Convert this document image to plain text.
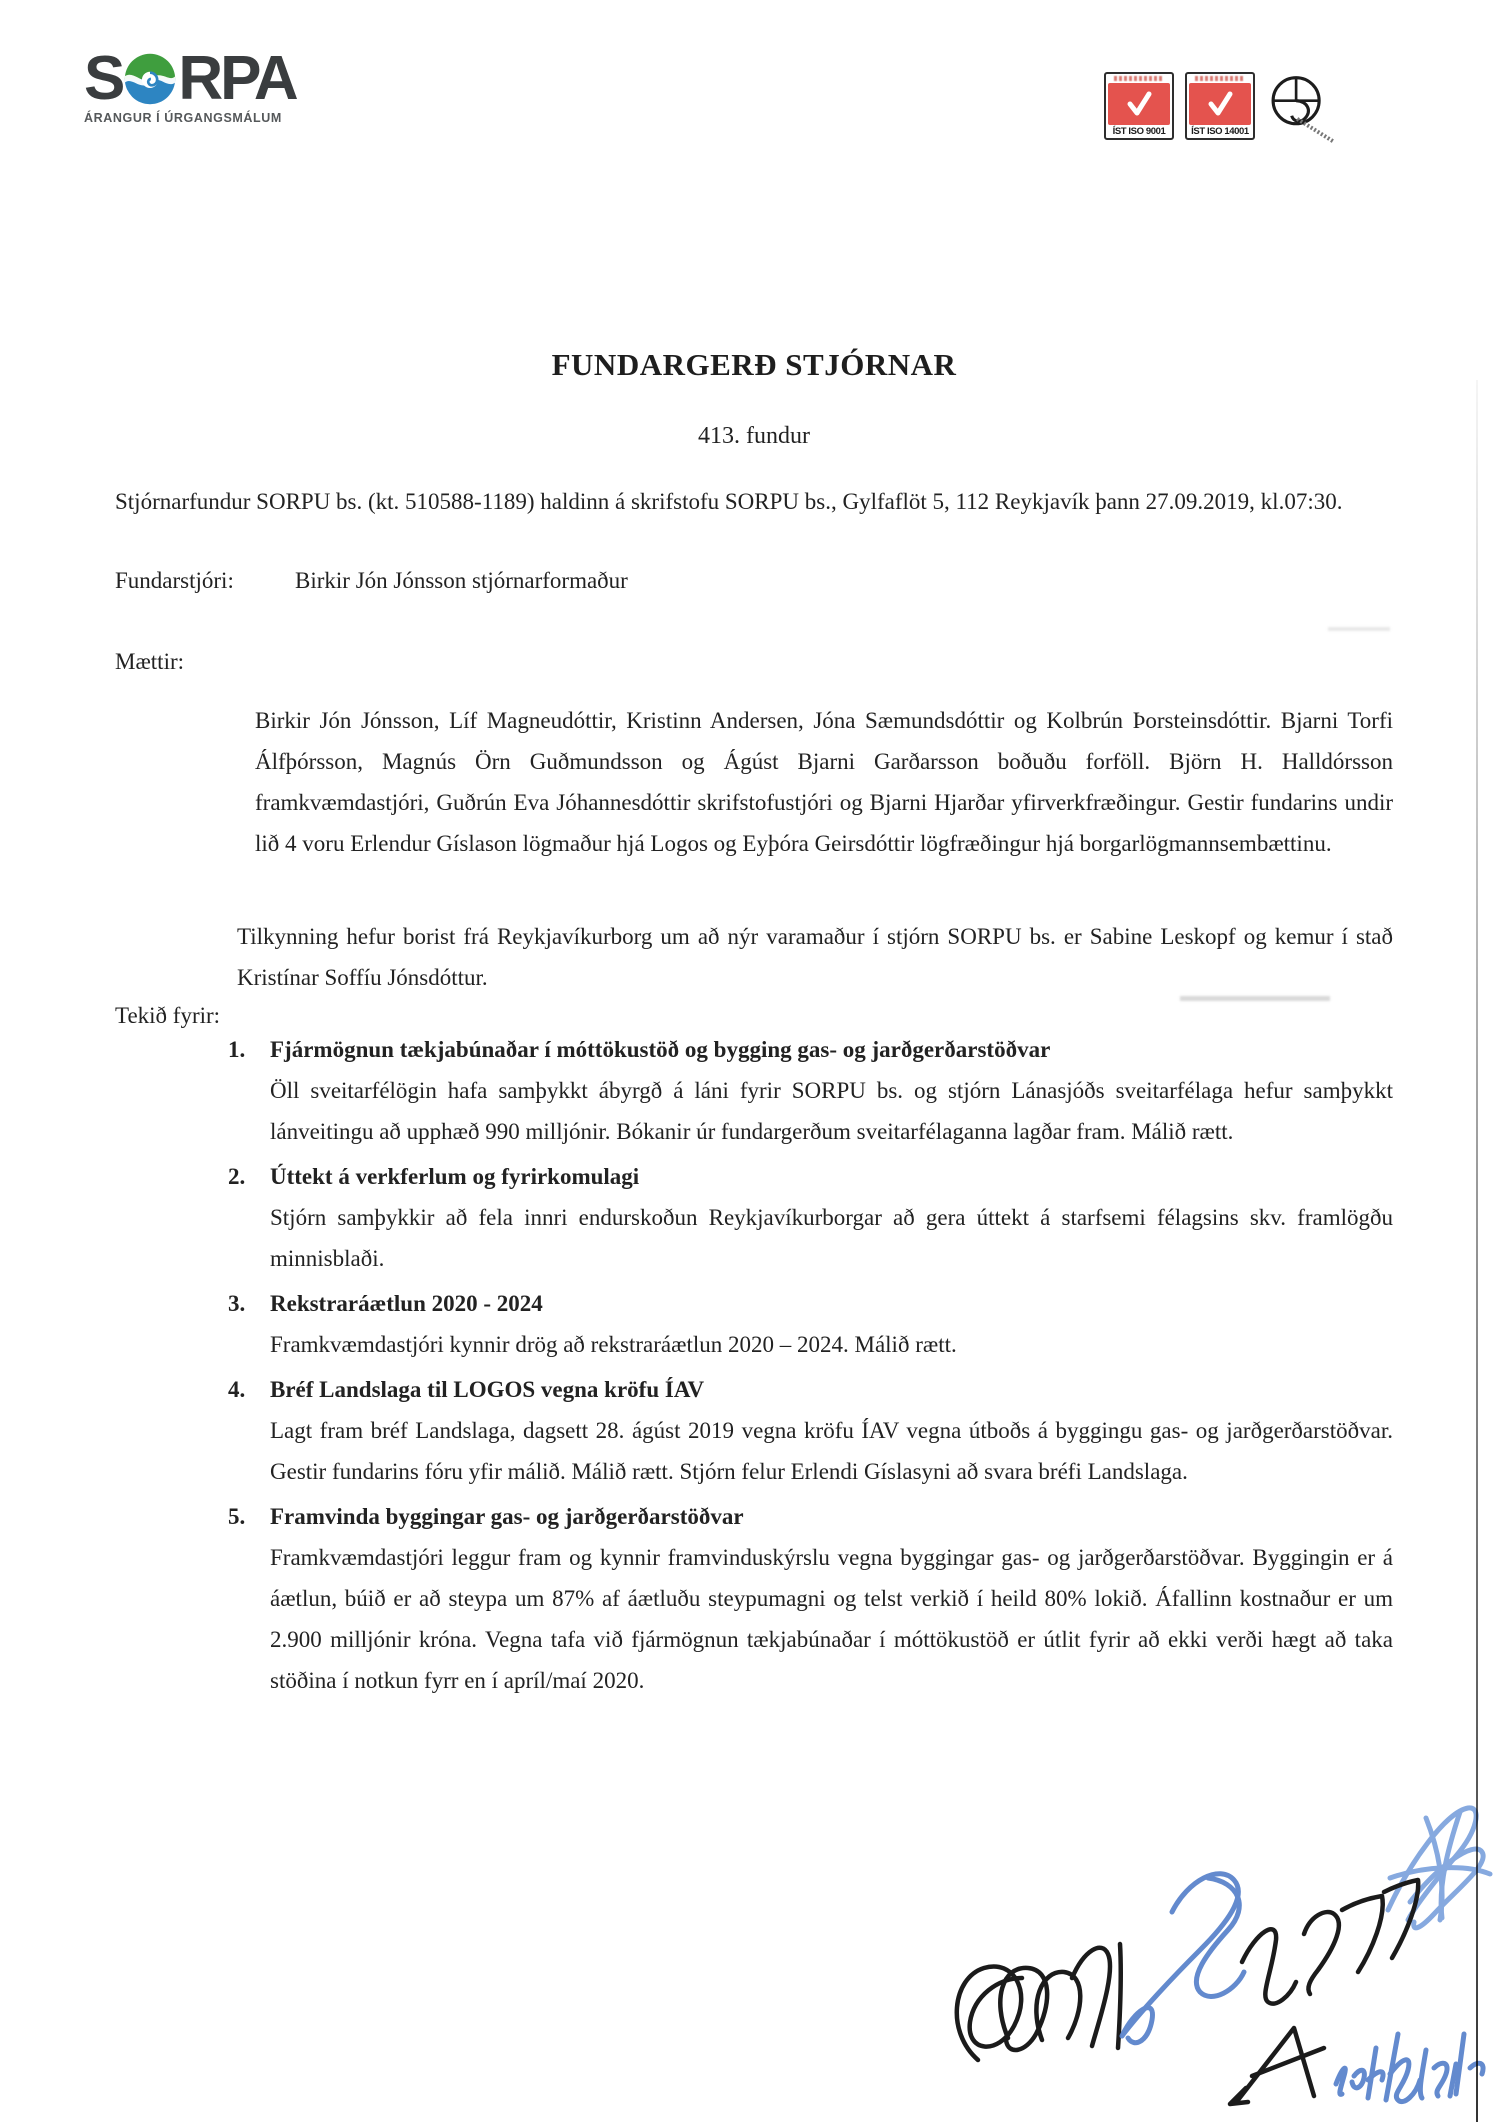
S RPA
ÁRANGUR Í ÚRGANGSMÁLUM
ÍST ISO 9001	ÍST ISO 14001
FUNDARGERÐ STJÓRNAR
413. fundur
Stjórnarfundur SORPU bs. (kt. 510588-1189) haldinn á skrifstofu SORPU bs., Gylfaflöt 5, 112 Reykjavík þann 27.09.2019, kl.07:30.
Fundarstjóri:	Birkir Jón Jónsson stjórnarformaður
Mættir:
Birkir Jón Jónsson, Líf Magneudóttir, Kristinn Andersen, Jóna Sæmundsdóttir og Kolbrún Þorsteinsdóttir. Bjarni Torfi Álfþórsson, Magnús Örn Guðmundsson og Ágúst Bjarni Garðarsson boðuðu forföll. Björn H. Halldórsson framkvæmdastjóri, Guðrún Eva Jóhannesdóttir skrifstofustjóri og Bjarni Hjarðar yfirverkfræðingur. Gestir fundarins undir lið 4 voru Erlendur Gíslason lögmaður hjá Logos og Eyþóra Geirsdóttir lögfræðingur hjá borgarlögmannsembættinu.
Tilkynning hefur borist frá Reykjavíkurborg um að nýr varamaður í stjórn SORPU bs. er Sabine Leskopf og kemur í stað Kristínar Soffíu Jónsdóttur.
Tekið fyrir:
1.	Fjármögnun tækjabúnaðar í móttökustöð og bygging gas- og jarðgerðarstöðvar
Öll sveitarfélögin hafa samþykkt ábyrgð á láni fyrir SORPU bs. og stjórn Lánasjóðs sveitarfélaga hefur samþykkt lánveitingu að upphæð 990 milljónir. Bókanir úr fundargerðum sveitarfélaganna lagðar fram. Málið rætt.
2.	Úttekt á verkferlum og fyrirkomulagi
Stjórn samþykkir að fela innri endurskoðun Reykjavíkurborgar að gera úttekt á starfsemi félagsins skv. framlögðu minnisblaði.
3.	Rekstraráætlun 2020 - 2024
Framkvæmdastjóri kynnir drög að rekstraráætlun 2020 – 2024. Málið rætt.
4.	Bréf Landslaga til LOGOS vegna kröfu ÍAV
Lagt fram bréf Landslaga, dagsett 28. ágúst 2019 vegna kröfu ÍAV vegna útboðs á byggingu gas- og jarðgerðarstöðvar. Gestir fundarins fóru yfir málið. Málið rætt. Stjórn felur Erlendi Gíslasyni að svara bréfi Landslaga.
5.	Framvinda byggingar gas- og jarðgerðarstöðvar
Framkvæmdastjóri leggur fram og kynnir framvinduskýrslu vegna byggingar gas- og jarðgerðarstöðvar. Byggingin er á áætlun, búið er að steypa um 87% af áætluðu steypumagni og telst verkið í heild 80% lokið. Áfallinn kostnaður er um 2.900 milljónir króna. Vegna tafa við fjármögnun tækjabúnaðar í móttökustöð er útlit fyrir að ekki verði hægt að taka stöðina í notkun fyrr en í apríl/maí 2020.
